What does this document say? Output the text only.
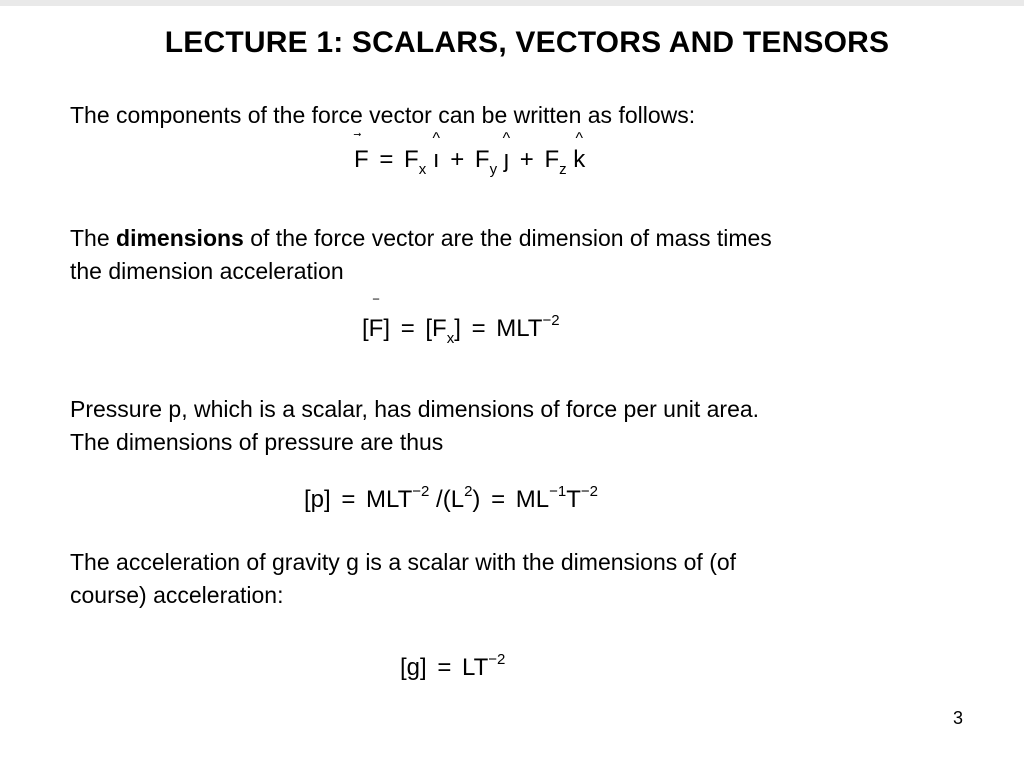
LECTURE 1: SCALARS, VECTORS AND TENSORS
The components of the force vector can be written as follows:
$F = F_x$ ı
^
+ $F_y$ ȷ
^
+ $F_z$ k
^
The dimensions of the force vector are the dimension of mass times
the dimension acceleration
[F
‾
] = $[F_x] = MLT^{-2}$
Pressure p, which is a scalar, has dimensions of force per unit area.
The dimensions of pressure are thus
$[p] = MLT^{-2}$ $/(L^2) = ML^{-1}T^{-2}$
The acceleration of gravity g is a scalar with the dimensions of (of
course) acceleration:
$[g] = LT^{-2}$
3
